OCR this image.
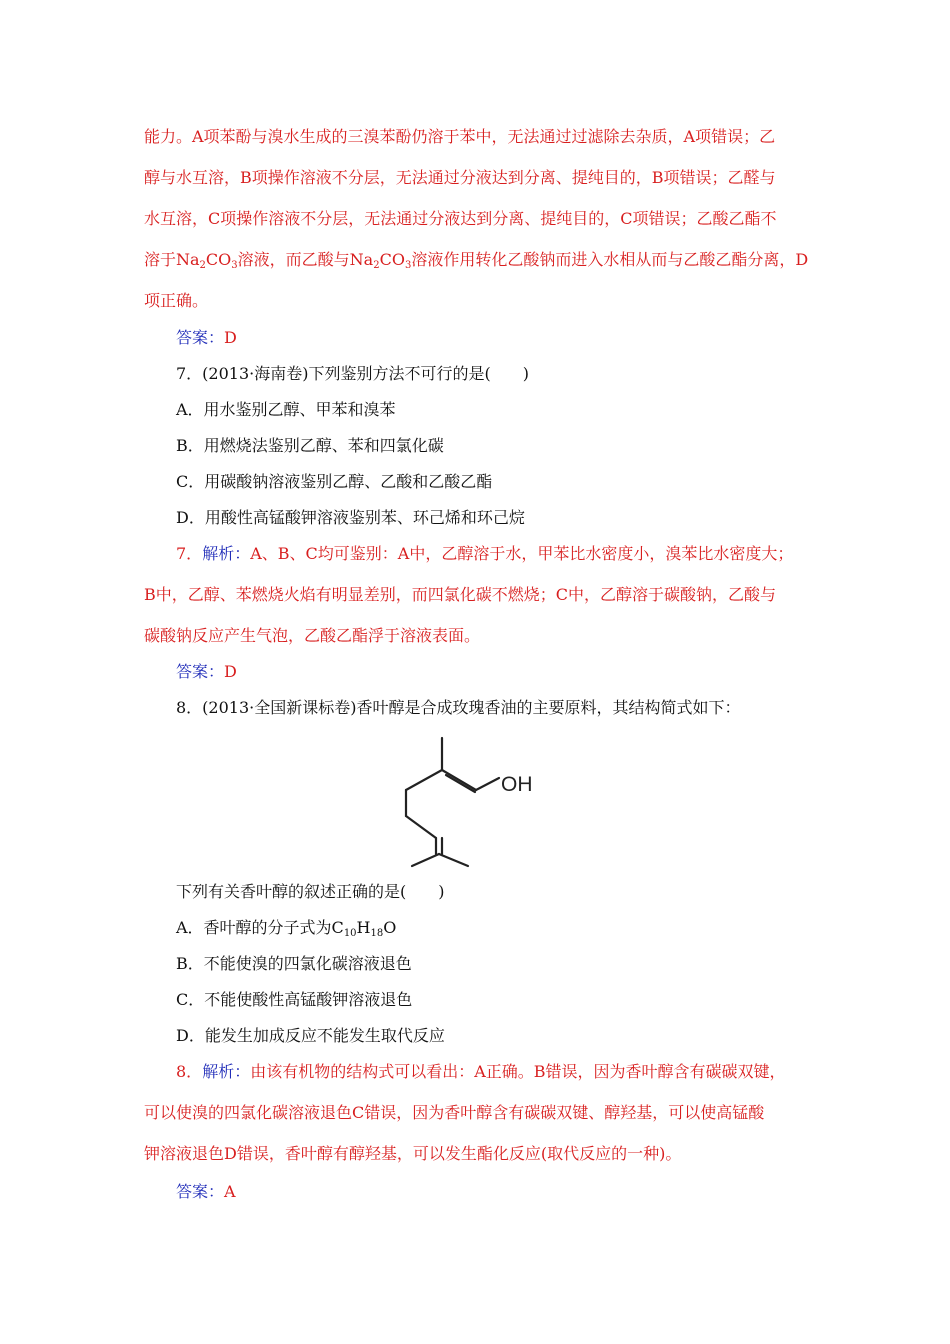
能力。A项苯酚与溴水生成的三溴苯酚仍溶于苯中，无法通过过滤除去杂质，A项错误；乙
醇与水互溶，B项操作溶液不分层，无法通过分液达到分离、提纯目的，B项错误；乙醛与
水互溶，C项操作溶液不分层，无法通过分液达到分离、提纯目的，C项错误；乙酸乙酯不
溶于$Na_2CO_3$溶液，而乙酸与$Na_2CO_3$溶液作用转化乙酸钠而进入水相从而与乙酸乙酯分离，D
项正确。
答案：D
7．(2013·海南卷)下列鉴别方法不可行的是(　　)
A．用水鉴别乙醇、甲苯和溴苯
B．用燃烧法鉴别乙醇、苯和四氯化碳
C．用碳酸钠溶液鉴别乙醇、乙酸和乙酸乙酯
D．用酸性高锰酸钾溶液鉴别苯、环己烯和环己烷
7．解析：A、B、C均可鉴别：A中，乙醇溶于水，甲苯比水密度小，溴苯比水密度大；
B中，乙醇、苯燃烧火焰有明显差别，而四氯化碳不燃烧；C中，乙醇溶于碳酸钠，乙酸与
碳酸钠反应产生气泡，乙酸乙酯浮于溶液表面。
答案：D
8．(2013·全国新课标卷)香叶醇是合成玫瑰香油的主要原料，其结构简式如下：
OH
下列有关香叶醇的叙述正确的是(　　)
A．香叶醇的分子式为$C_{10}H_{18}O$
B．不能使溴的四氯化碳溶液退色
C．不能使酸性高锰酸钾溶液退色
D．能发生加成反应不能发生取代反应
8．解析：由该有机物的结构式可以看出：A正确。B错误，因为香叶醇含有碳碳双键，
可以使溴的四氯化碳溶液退色C错误，因为香叶醇含有碳碳双键、醇羟基，可以使高锰酸
钾溶液退色D错误，香叶醇有醇羟基，可以发生酯化反应(取代反应的一种)。
答案：A
